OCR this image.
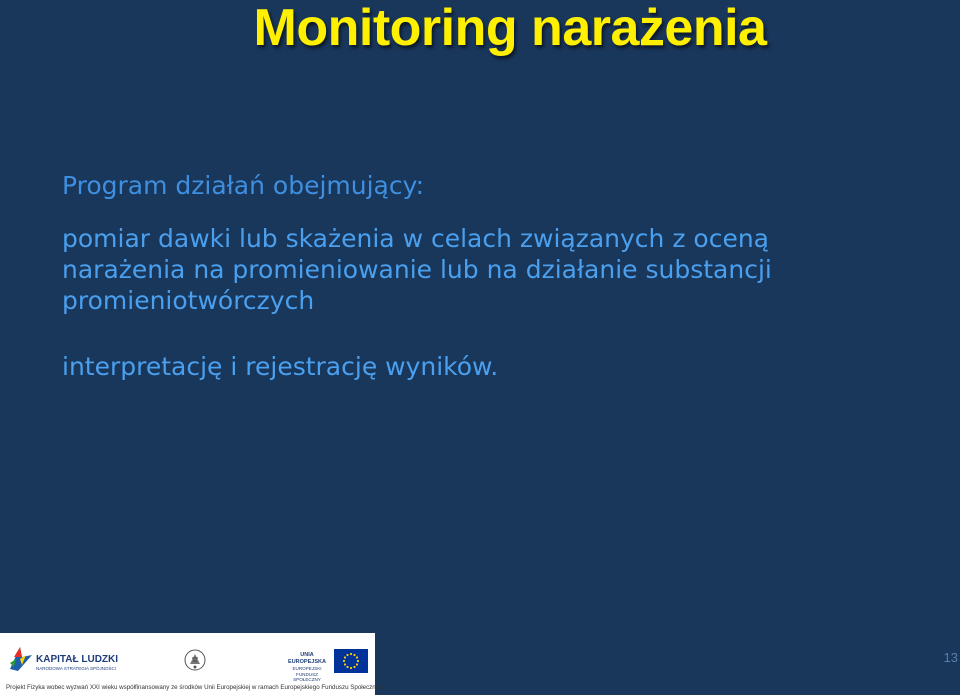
Monitoring narażenia
Program działań obejmujący:
pomiar dawki lub skażenia w celach związanych z oceną
narażenia na promieniowanie lub na działanie substancji
promieniotwórczych
interpretację i rejestrację wyników.
KAPITAŁ LUDZKI
NARODOWA STRATEGIA SPÓJNOŚCI
UNIA EUROPEJSKA
EUROPEJSKI
FUNDUSZ SPOŁECZNY
Projekt Fizyka wobec wyzwań XXI wieku współfinansowany ze środków Unii Europejskiej w ramach Europejskiego Funduszu Społecznego
13
